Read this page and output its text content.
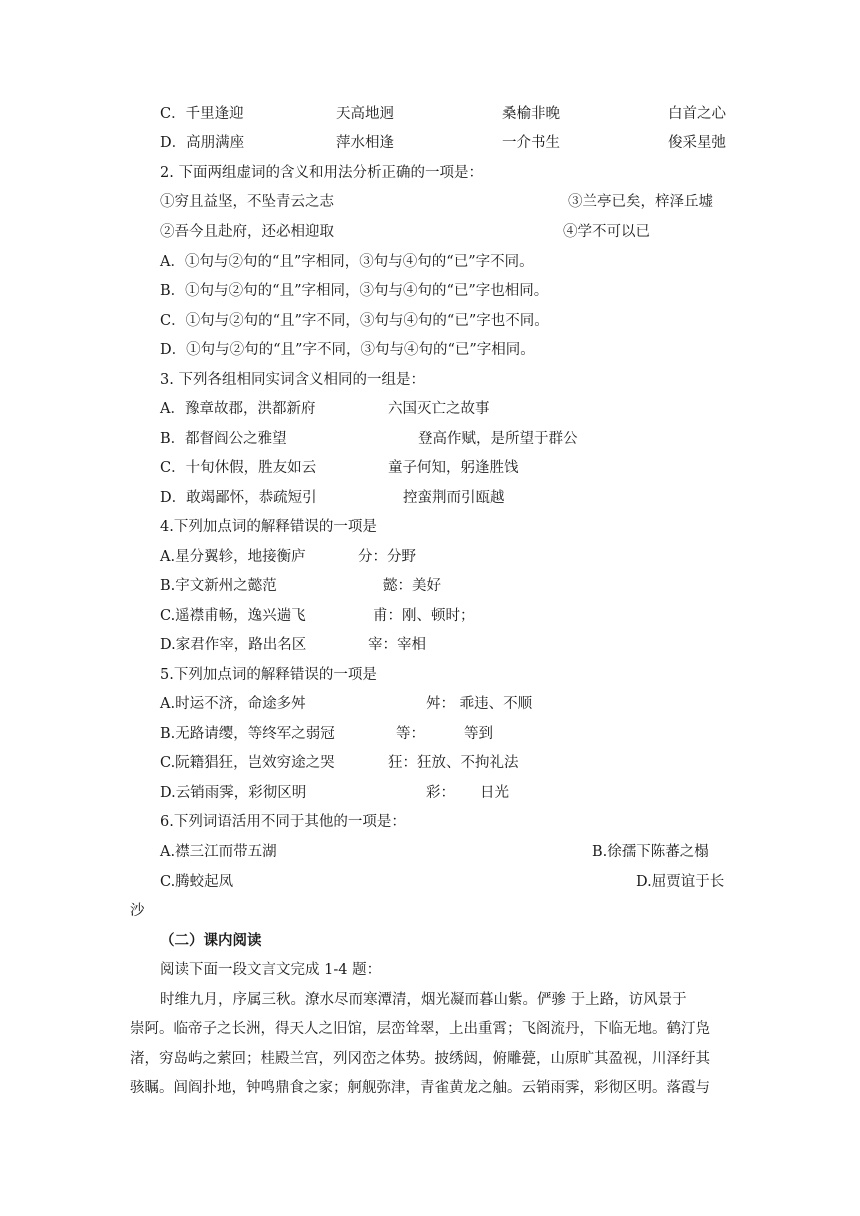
C．千里逢迎	天高地迥	桑榆非晚	白首之心
D．高朋满座	萍水相逢	一介书生	俊采星弛
2. 下面两组虚词的含义和用法分析正确的一项是：
①穷且益坚，不坠青云之志	③兰亭已矣，梓泽丘墟
②吾今且赴府，还必相迎取	④学不可以已
A．①句与②句的“且”字相同，③句与④句的“已”字不同。
B．①句与②句的“且”字相同，③句与④句的“已”字也相同。
C．①句与②句的“且”字不同，③句与④句的“已”字也不同。
D．①句与②句的“且”字不同，③句与④句的“已”字相同。
3. 下列各组相同实词含义相同的一组是：
A．豫章故郡，洪都新府	六国灭亡之故事
B．都督阎公之雅望	登高作赋，是所望于群公
C．十旬休假，胜友如云	童子何知，躬逢胜饯
D．敢竭鄙怀，恭疏短引	控蛮荆而引瓯越
4.下列加点词的解释错误的一项是
A.星分翼轸，地接衡庐	分：分野
B.宇文新州之懿范	懿：美好
C.遥襟甫畅，逸兴遄飞	甫：刚、顿时；
D.家君作宰，路出名区	宰：宰相
5.下列加点词的解释错误的一项是
A.时运不济，命途多舛	舛： 乖违、不顺
B.无路请缨，等终军之弱冠	等：	等到
C.阮籍猖狂，岂效穷途之哭	狂：狂放、不拘礼法
D.云销雨霁，彩彻区明	彩： 日光
6.下列词语活用不同于其他的一项是：
A.襟三江而带五湖	B.徐孺下陈蕃之榻
C.腾蛟起凤	D.屈贾谊于长
沙
（二）课内阅读
阅读下面一段文言文完成 1-4 题：
时维九月，序属三秋。潦水尽而寒潭清，烟光凝而暮山紫。俨骖 于上路，访风景于
崇阿。临帝子之长洲，得天人之旧馆，层峦耸翠，上出重霄；飞阁流丹，下临无地。鹤汀凫
渚，穷岛屿之萦回；桂殿兰宫，列冈峦之体势。披绣闼，俯雕甍，山原旷其盈视，川泽纡其
骇瞩。闾阎扑地，钟鸣鼎食之家；舸舰弥津，青雀黄龙之舳。云销雨霁，彩彻区明。落霞与
